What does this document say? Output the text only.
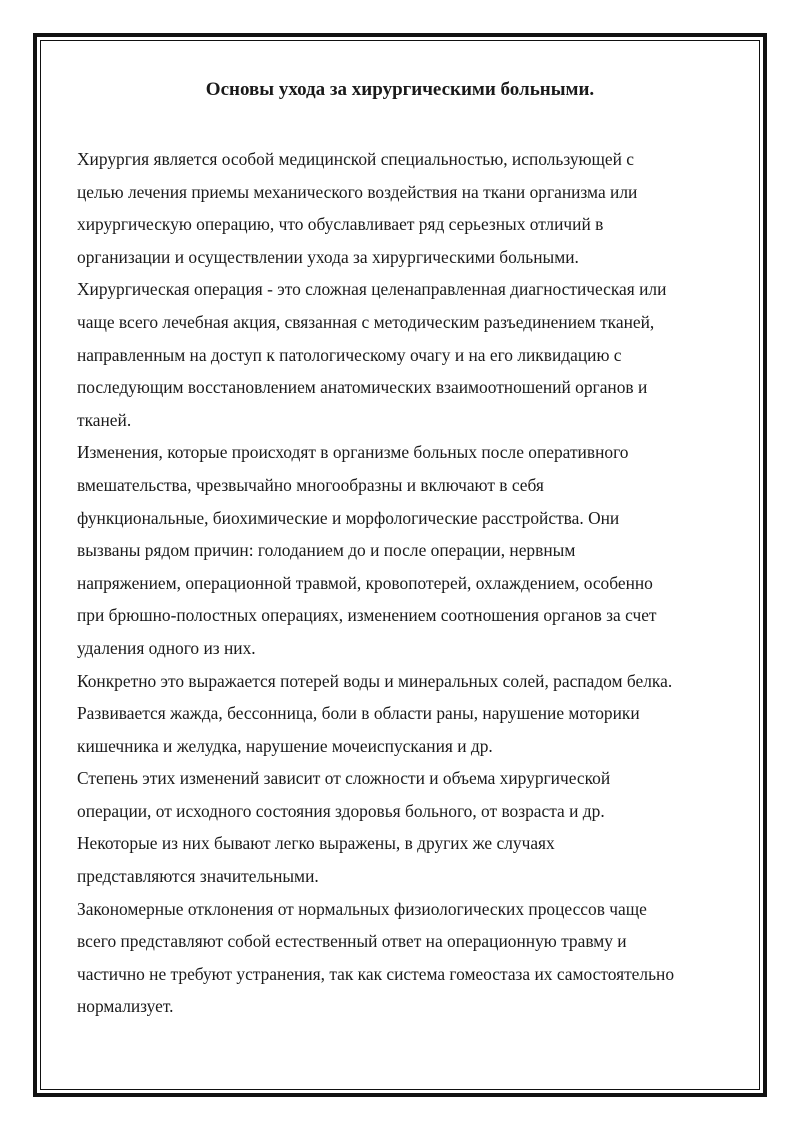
Основы ухода за хирургическими больными.
Хирургия является особой медицинской специальностью, использующей с
целью лечения приемы механического воздействия на ткани организма или
хирургическую операцию, что обуславливает ряд серьезных отличий в
организации и осуществлении ухода за хирургическими больными.
Хирургическая операция - это сложная целенаправленная диагностическая или
чаще всего лечебная акция, связанная с методическим разъединением тканей,
направленным на доступ к патологическому очагу и на его ликвидацию с
последующим восстановлением анатомических взаимоотношений органов и
тканей.
Изменения, которые происходят в организме больных после оперативного
вмешательства, чрезвычайно многообразны и включают в себя
функциональные, биохимические и морфологические расстройства. Они
вызваны рядом причин: голоданием до и после операции, нервным
напряжением, операционной травмой, кровопотерей, охлаждением, особенно
при брюшно-полостных операциях, изменением соотношения органов за счет
удаления одного из них.
Конкретно это выражается потерей воды и минеральных солей, распадом белка.
Развивается жажда, бессонница, боли в области раны, нарушение моторики
кишечника и желудка, нарушение мочеиспускания и др.
Степень этих изменений зависит от сложности и объема хирургической
операции, от исходного состояния здоровья больного, от возраста и др.
Некоторые из них бывают легко выражены, в других же случаях
представляются значительными.
Закономерные отклонения от нормальных физиологических процессов чаще
всего представляют собой естественный ответ на операционную травму и
частично не требуют устранения, так как система гомеостаза их самостоятельно
нормализует.
